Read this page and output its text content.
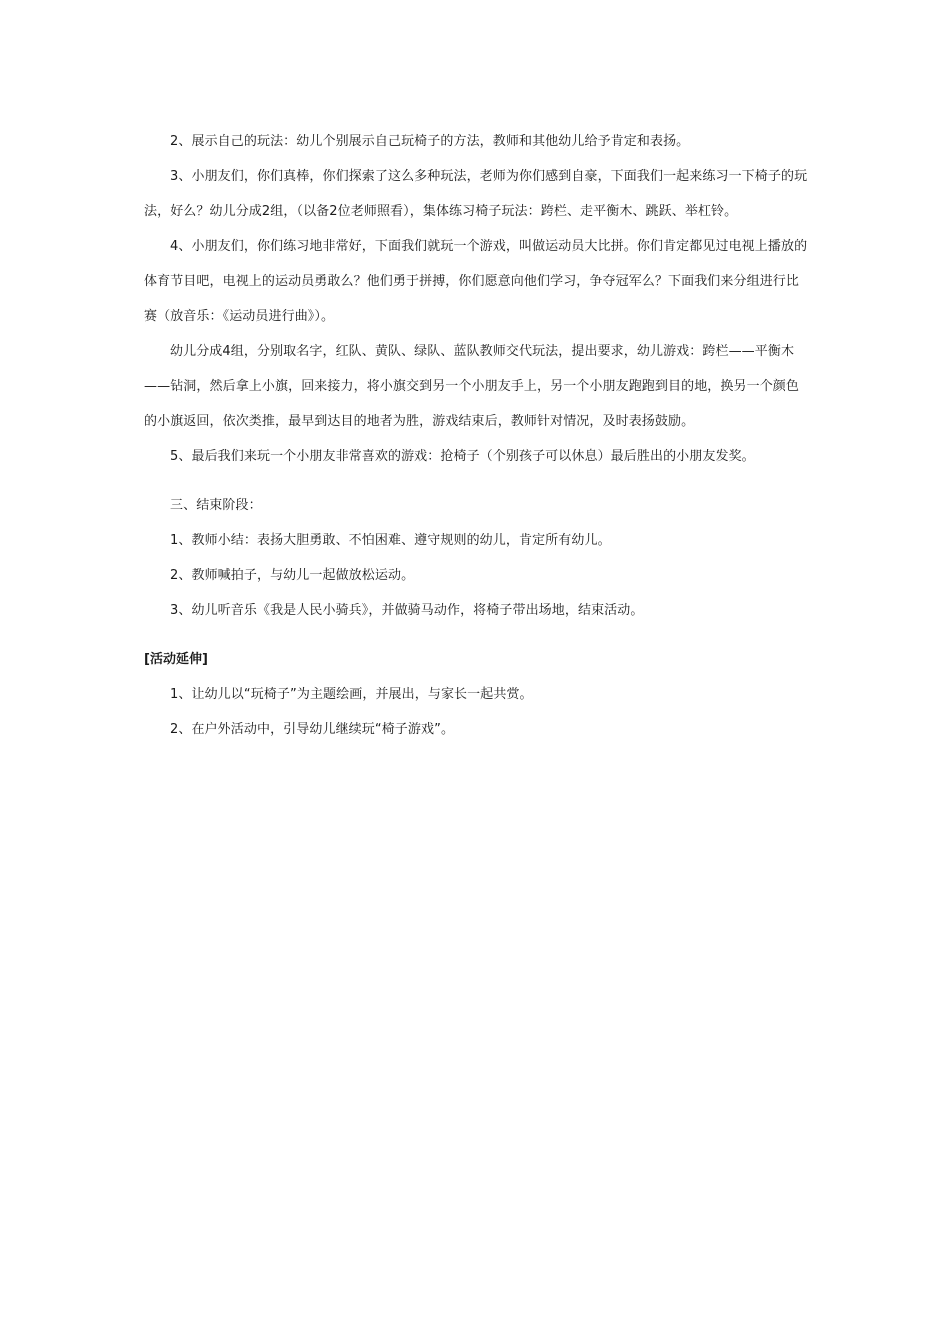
2、展示自己的玩法：幼儿个别展示自己玩椅子的方法，教师和其他幼儿给予肯定和表扬。

3、小朋友们，你们真棒，你们探索了这么多种玩法，老师为你们感到自豪，下面我们一起来练习一下椅子的玩法，好么？幼儿分成2组，（以备2位老师照看），集体练习椅子玩法：跨栏、走平衡木、跳跃、举杠铃。

4、小朋友们，你们练习地非常好，下面我们就玩一个游戏，叫做运动员大比拼。你们肯定都见过电视上播放的体育节目吧，电视上的运动员勇敢么？他们勇于拼搏，你们愿意向他们学习，争夺冠军么？下面我们来分组进行比赛（放音乐：《运动员进行曲》）。

幼儿分成4组，分别取名字，红队、黄队、绿队、蓝队教师交代玩法，提出要求，幼儿游戏：跨栏——平衡木——钻洞，然后拿上小旗，回来接力，将小旗交到另一个小朋友手上，另一个小朋友跑跑到目的地，换另一个颜色的小旗返回，依次类推，最早到达目的地者为胜，游戏结束后，教师针对情况，及时表扬鼓励。

5、最后我们来玩一个小朋友非常喜欢的游戏：抢椅子（个别孩子可以休息）最后胜出的小朋友发奖。

三、结束阶段：

1、教师小结：表扬大胆勇敢、不怕困难、遵守规则的幼儿，肯定所有幼儿。

2、教师喊拍子，与幼儿一起做放松运动。

3、幼儿听音乐《我是人民小骑兵》，并做骑马动作，将椅子带出场地，结束活动。

[活动延伸]

1、让幼儿以“玩椅子”为主题绘画，并展出，与家长一起共赏。

2、在户外活动中，引导幼儿继续玩“椅子游戏”。
